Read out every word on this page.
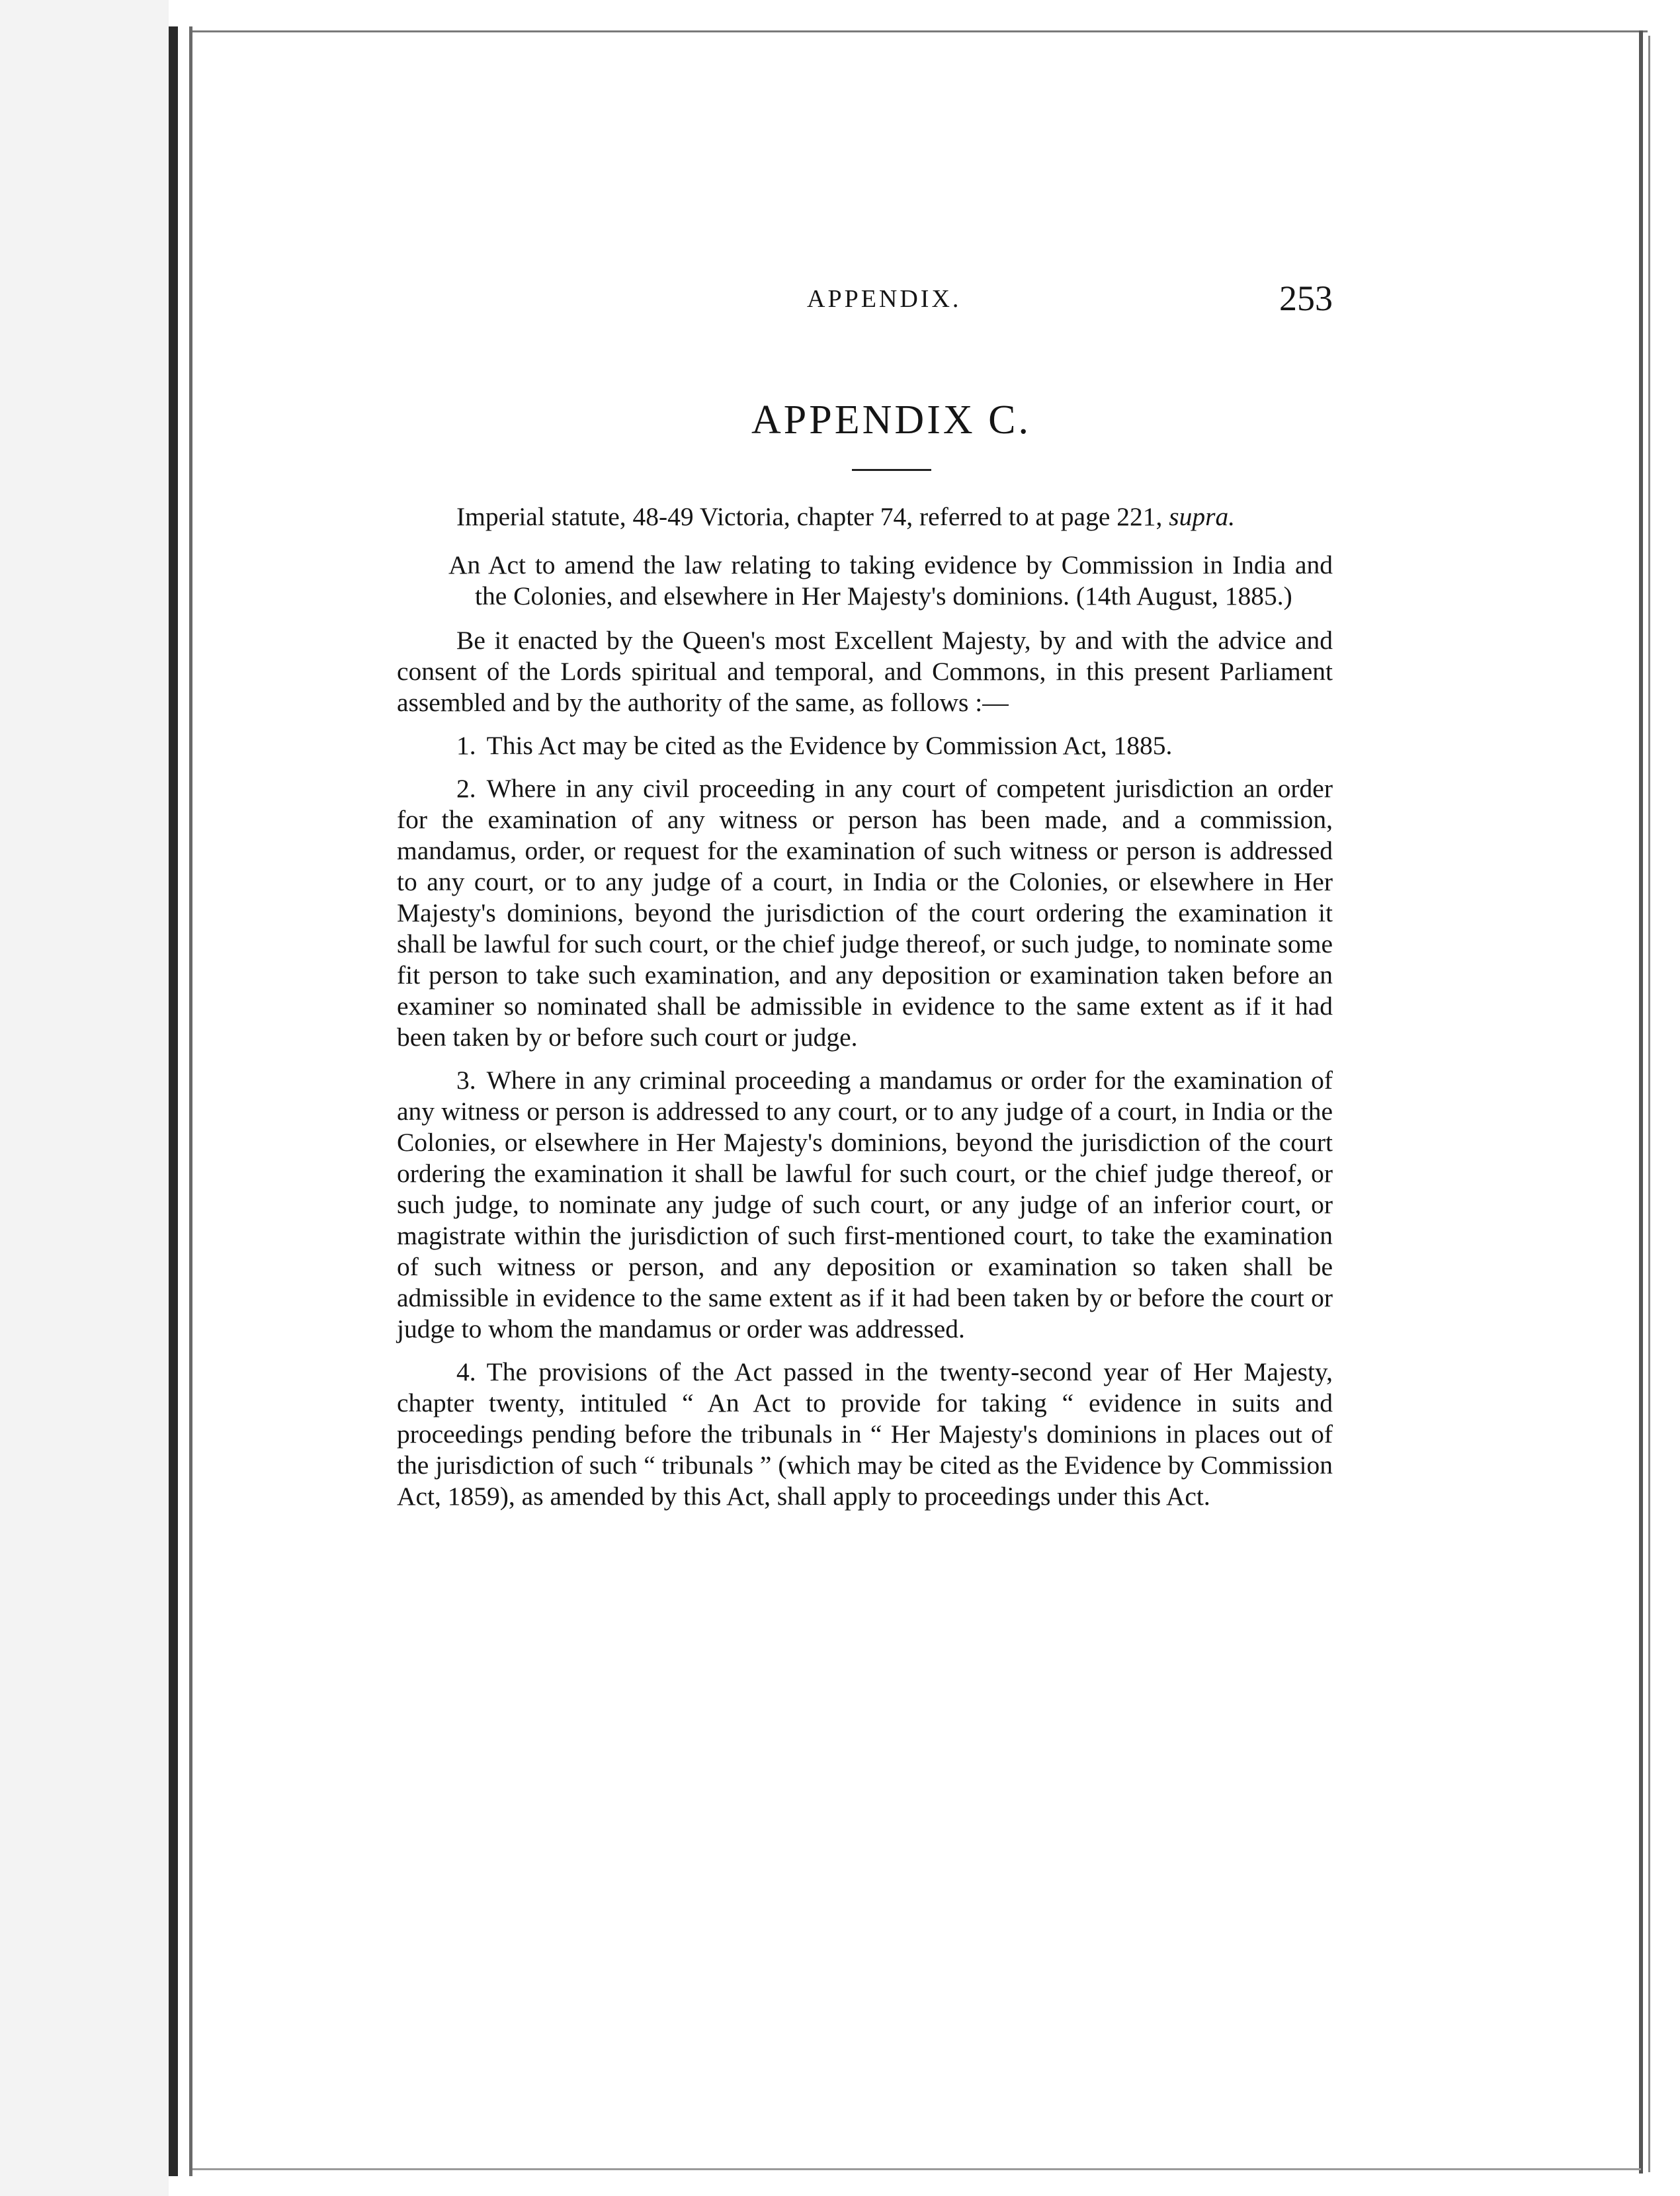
APPENDIX.	253
APPENDIX C.

Imperial statute, 48-49 Victoria, chapter 74, referred to at page 221, supra.

An Act to amend the law relating to taking evidence by Commission in India and the Colonies, and elsewhere in Her Majesty's dominions. (14th August, 1885.)

Be it enacted by the Queen's most Excellent Majesty, by and with the advice and consent of the Lords spiritual and temporal, and Commons, in this present Parliament assembled and by the authority of the same, as follows :—

1. This Act may be cited as the Evidence by Commission Act, 1885.

2. Where in any civil proceeding in any court of competent jurisdiction an order for the examination of any witness or person has been made, and a commission, mandamus, order, or request for the examination of such witness or person is addressed to any court, or to any judge of a court, in India or the Colonies, or elsewhere in Her Majesty's dominions, beyond the jurisdiction of the court ordering the examination it shall be lawful for such court, or the chief judge thereof, or such judge, to nominate some fit person to take such examination, and any deposition or examination taken before an examiner so nominated shall be admissible in evidence to the same extent as if it had been taken by or before such court or judge.

3. Where in any criminal proceeding a mandamus or order for the examination of any witness or person is addressed to any court, or to any judge of a court, in India or the Colonies, or elsewhere in Her Majesty's dominions, beyond the jurisdiction of the court ordering the examination it shall be lawful for such court, or the chief judge thereof, or such judge, to nominate any judge of such court, or any judge of an inferior court, or magistrate within the jurisdiction of such first-mentioned court, to take the examination of such witness or person, and any deposition or examination so taken shall be admissible in evidence to the same extent as if it had been taken by or before the court or judge to whom the mandamus or order was addressed.

4. The provisions of the Act passed in the twenty-second year of Her Majesty, chapter twenty, intituled “ An Act to provide for taking “ evidence in suits and proceedings pending before the tribunals in “ Her Majesty's dominions in places out of the jurisdiction of such “ tribunals ” (which may be cited as the Evidence by Commission Act, 1859), as amended by this Act, shall apply to proceedings under this Act.
